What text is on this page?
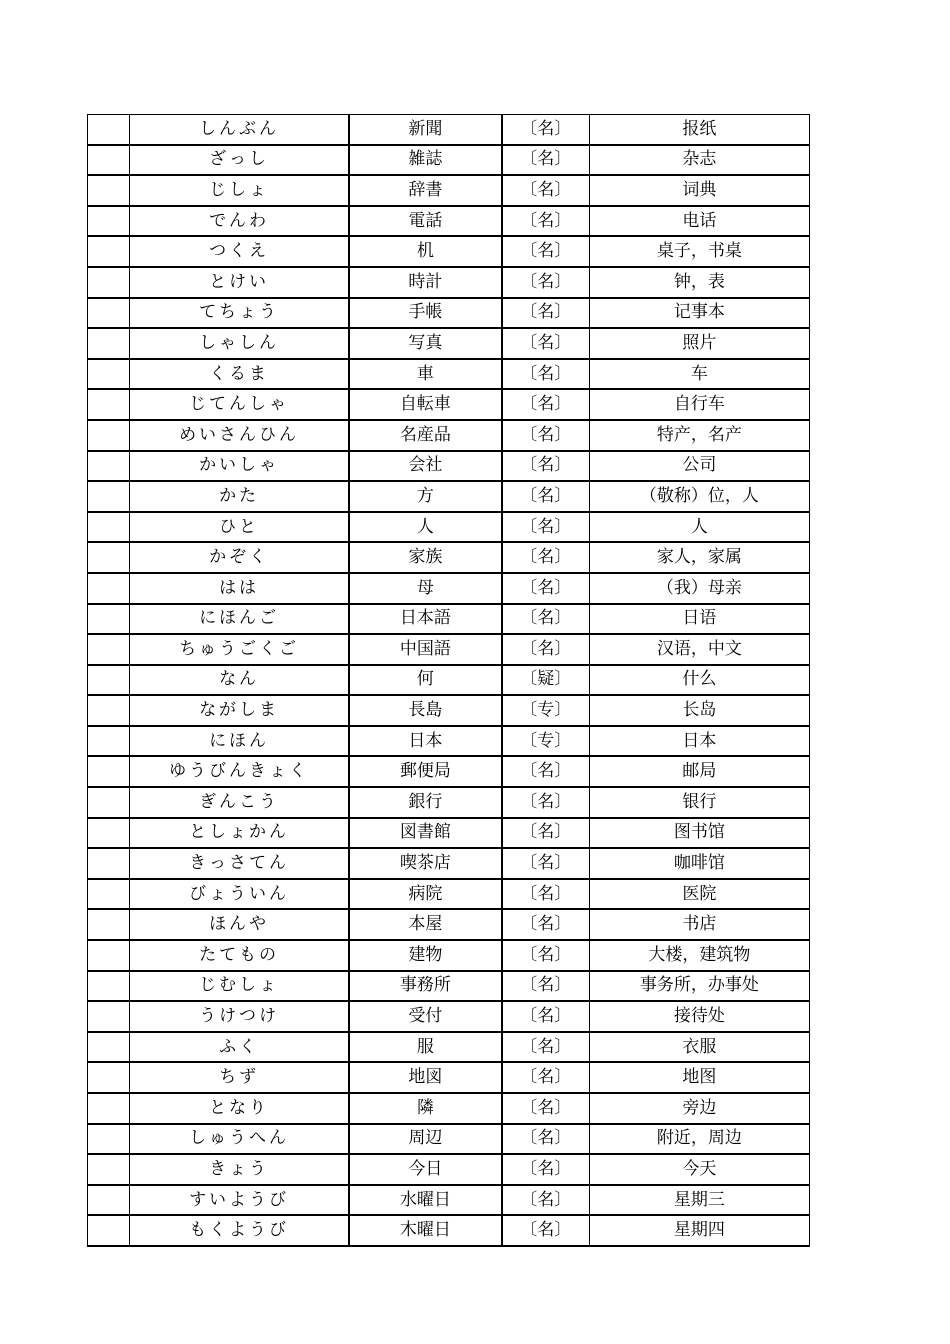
	しんぶん	新聞	〔名〕	报纸
	ざっし	雑誌	〔名〕	杂志
	じしょ	辞書	〔名〕	词典
	でんわ	電話	〔名〕	电话
	つくえ	机	〔名〕	桌子，书桌
	とけい	時計	〔名〕	钟，表
	てちょう	手帳	〔名〕	记事本
	しゃしん	写真	〔名〕	照片
	くるま	車	〔名〕	车
	じてんしゃ	自転車	〔名〕	自行车
	めいさんひん	名産品	〔名〕	特产，名产
	かいしゃ	会社	〔名〕	公司
	かた	方	〔名〕	（敬称）位，人
	ひと	人	〔名〕	人
	かぞく	家族	〔名〕	家人，家属
	はは	母	〔名〕	（我）母亲
	にほんご	日本語	〔名〕	日语
	ちゅうごくご	中国語	〔名〕	汉语，中文
	なん	何	〔疑〕	什么
	ながしま	長島	〔专〕	长岛
	にほん	日本	〔专〕	日本
	ゆうびんきょく	郵便局	〔名〕	邮局
	ぎんこう	銀行	〔名〕	银行
	としょかん	図書館	〔名〕	图书馆
	きっさてん	喫茶店	〔名〕	咖啡馆
	びょういん	病院	〔名〕	医院
	ほんや	本屋	〔名〕	书店
	たてもの	建物	〔名〕	大楼，建筑物
	じむしょ	事務所	〔名〕	事务所，办事处
	うけつけ	受付	〔名〕	接待处
	ふく	服	〔名〕	衣服
	ちず	地図	〔名〕	地图
	となり	隣	〔名〕	旁边
	しゅうへん	周辺	〔名〕	附近，周边
	きょう	今日	〔名〕	今天
	すいようび	水曜日	〔名〕	星期三
	もくようび	木曜日	〔名〕	星期四
